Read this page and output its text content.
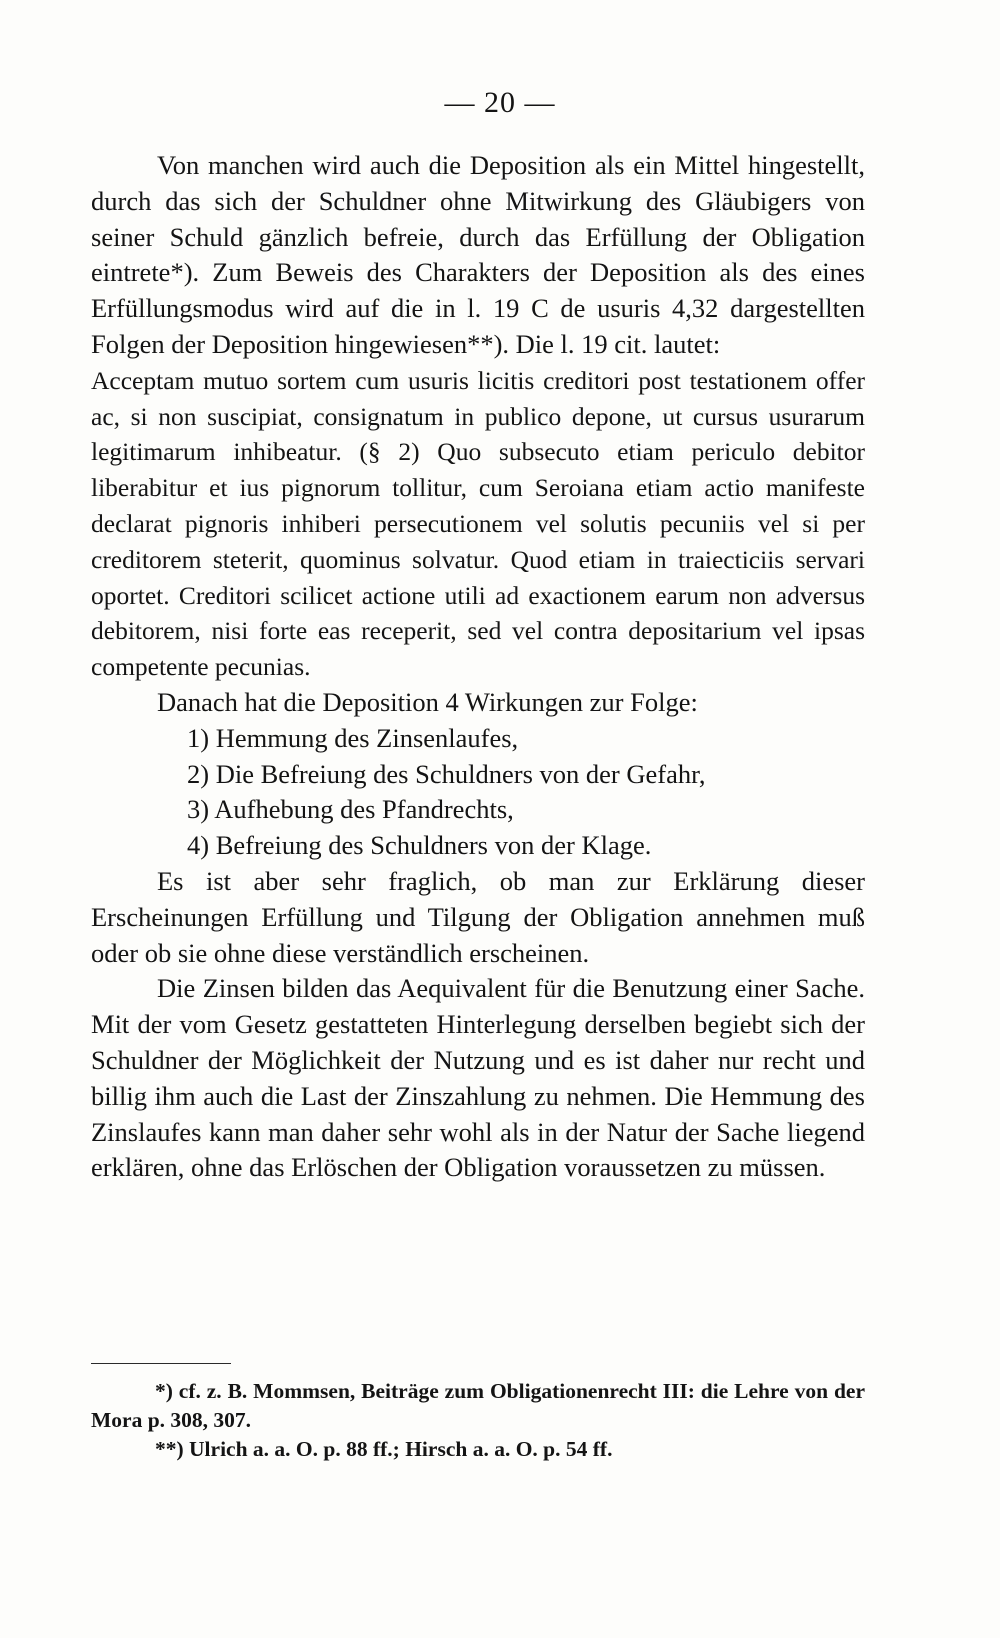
— 20 —

Von manchen wird auch die Deposition als ein Mittel hingestellt, durch das sich der Schuldner ohne Mitwirkung des Gläubigers von seiner Schuld gänzlich befreie, durch das Erfüllung der Obligation eintrete*). Zum Beweis des Charakters der Deposition als des eines Erfüllungsmodus wird auf die in l. 19 C de usuris 4,32 dargestellten Folgen der Deposition hingewiesen**). Die l. 19 cit. lautet:

Acceptam mutuo sortem cum usuris licitis creditori post testationem offer ac, si non suscipiat, consignatum in publico depone, ut cursus usurarum legitimarum inhibeatur. (§ 2) Quo subsecuto etiam periculo debitor liberabitur et ius pignorum tollitur, cum Seroiana etiam actio manifeste declarat pignoris inhiberi persecutionem vel solutis pecuniis vel si per creditorem steterit, quominus solvatur. Quod etiam in traiecticiis servari oportet. Creditori scilicet actione utili ad exactionem earum non adversus debitorem, nisi forte eas receperit, sed vel contra depositarium vel ipsas competente pecunias.

Danach hat die Deposition 4 Wirkungen zur Folge:

1) Hemmung des Zinsenlaufes,
2) Die Befreiung des Schuldners von der Gefahr,
3) Aufhebung des Pfandrechts,
4) Befreiung des Schuldners von der Klage.

Es ist aber sehr fraglich, ob man zur Erklärung dieser Erscheinungen Erfüllung und Tilgung der Obligation annehmen muß oder ob sie ohne diese verständlich erscheinen.

Die Zinsen bilden das Aequivalent für die Benutzung einer Sache. Mit der vom Gesetz gestatteten Hinterlegung derselben begiebt sich der Schuldner der Möglichkeit der Nutzung und es ist daher nur recht und billig ihm auch die Last der Zinszahlung zu nehmen. Die Hemmung des Zinslaufes kann man daher sehr wohl als in der Natur der Sache liegend erklären, ohne das Erlöschen der Obligation voraussetzen zu müssen.

*) cf. z. B. Mommsen, Beiträge zum Obligationenrecht III: die Lehre von der Mora p. 308, 307.

**) Ulrich a. a. O. p. 88 ff.; Hirsch a. a. O. p. 54 ff.
